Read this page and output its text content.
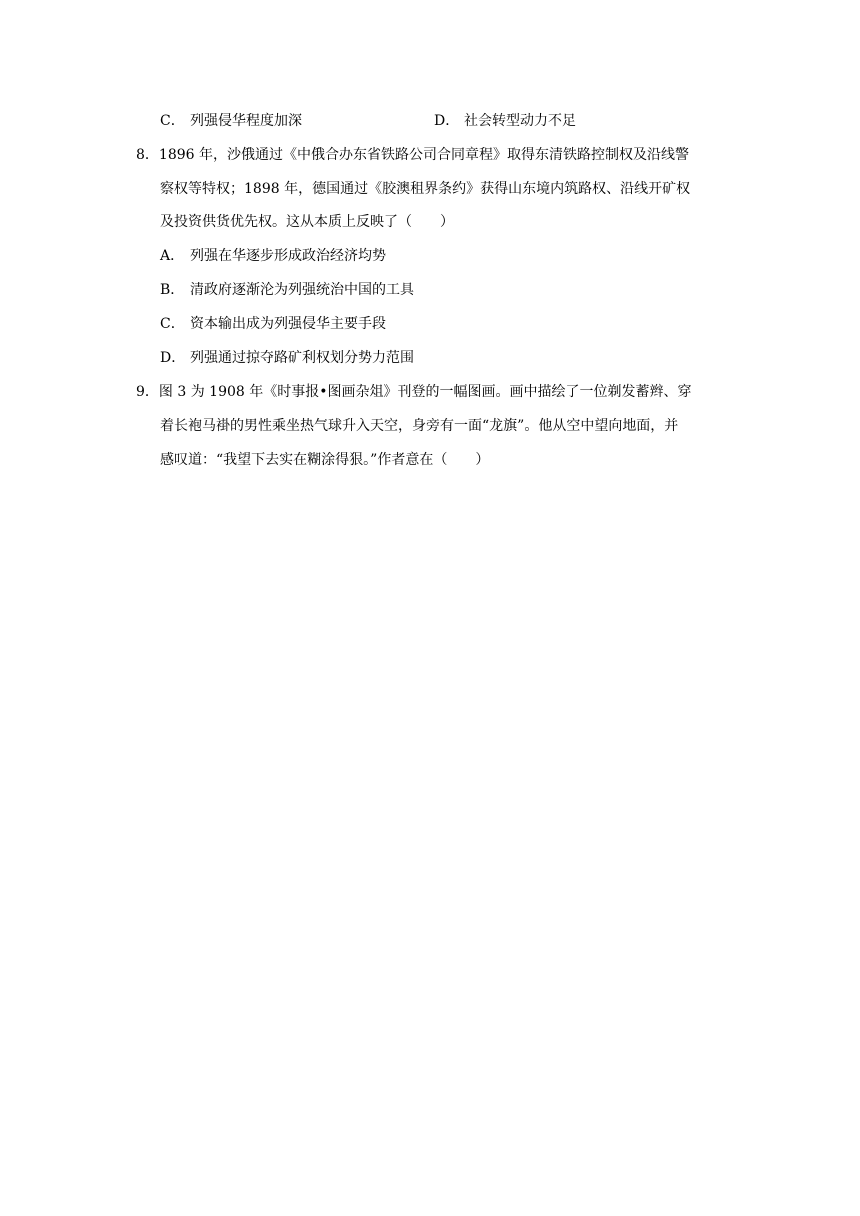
C． 列强侵华程度加深	D． 社会转型动力不足
8．1896 年，沙俄通过《中俄合办东省铁路公司合同章程》取得东清铁路控制权及沿线警
察权等特权；1898 年，德国通过《胶澳租界条约》获得山东境内筑路权、沿线开矿权
及投资供货优先权。这从本质上反映了（　　）
A． 列强在华逐步形成政治经济均势
B． 清政府逐渐沦为列强统治中国的工具
C． 资本输出成为列强侵华主要手段
D． 列强通过掠夺路矿利权划分势力范围
9．图 3 为 1908 年《时事报•图画杂俎》刊登的一幅图画。画中描绘了一位剃发蓄辫、穿
着长袍马褂的男性乘坐热气球升入天空，身旁有一面“龙旗”。他从空中望向地面，并
感叹道：“我望下去实在糊涂得狠。”作者意在（　　）
